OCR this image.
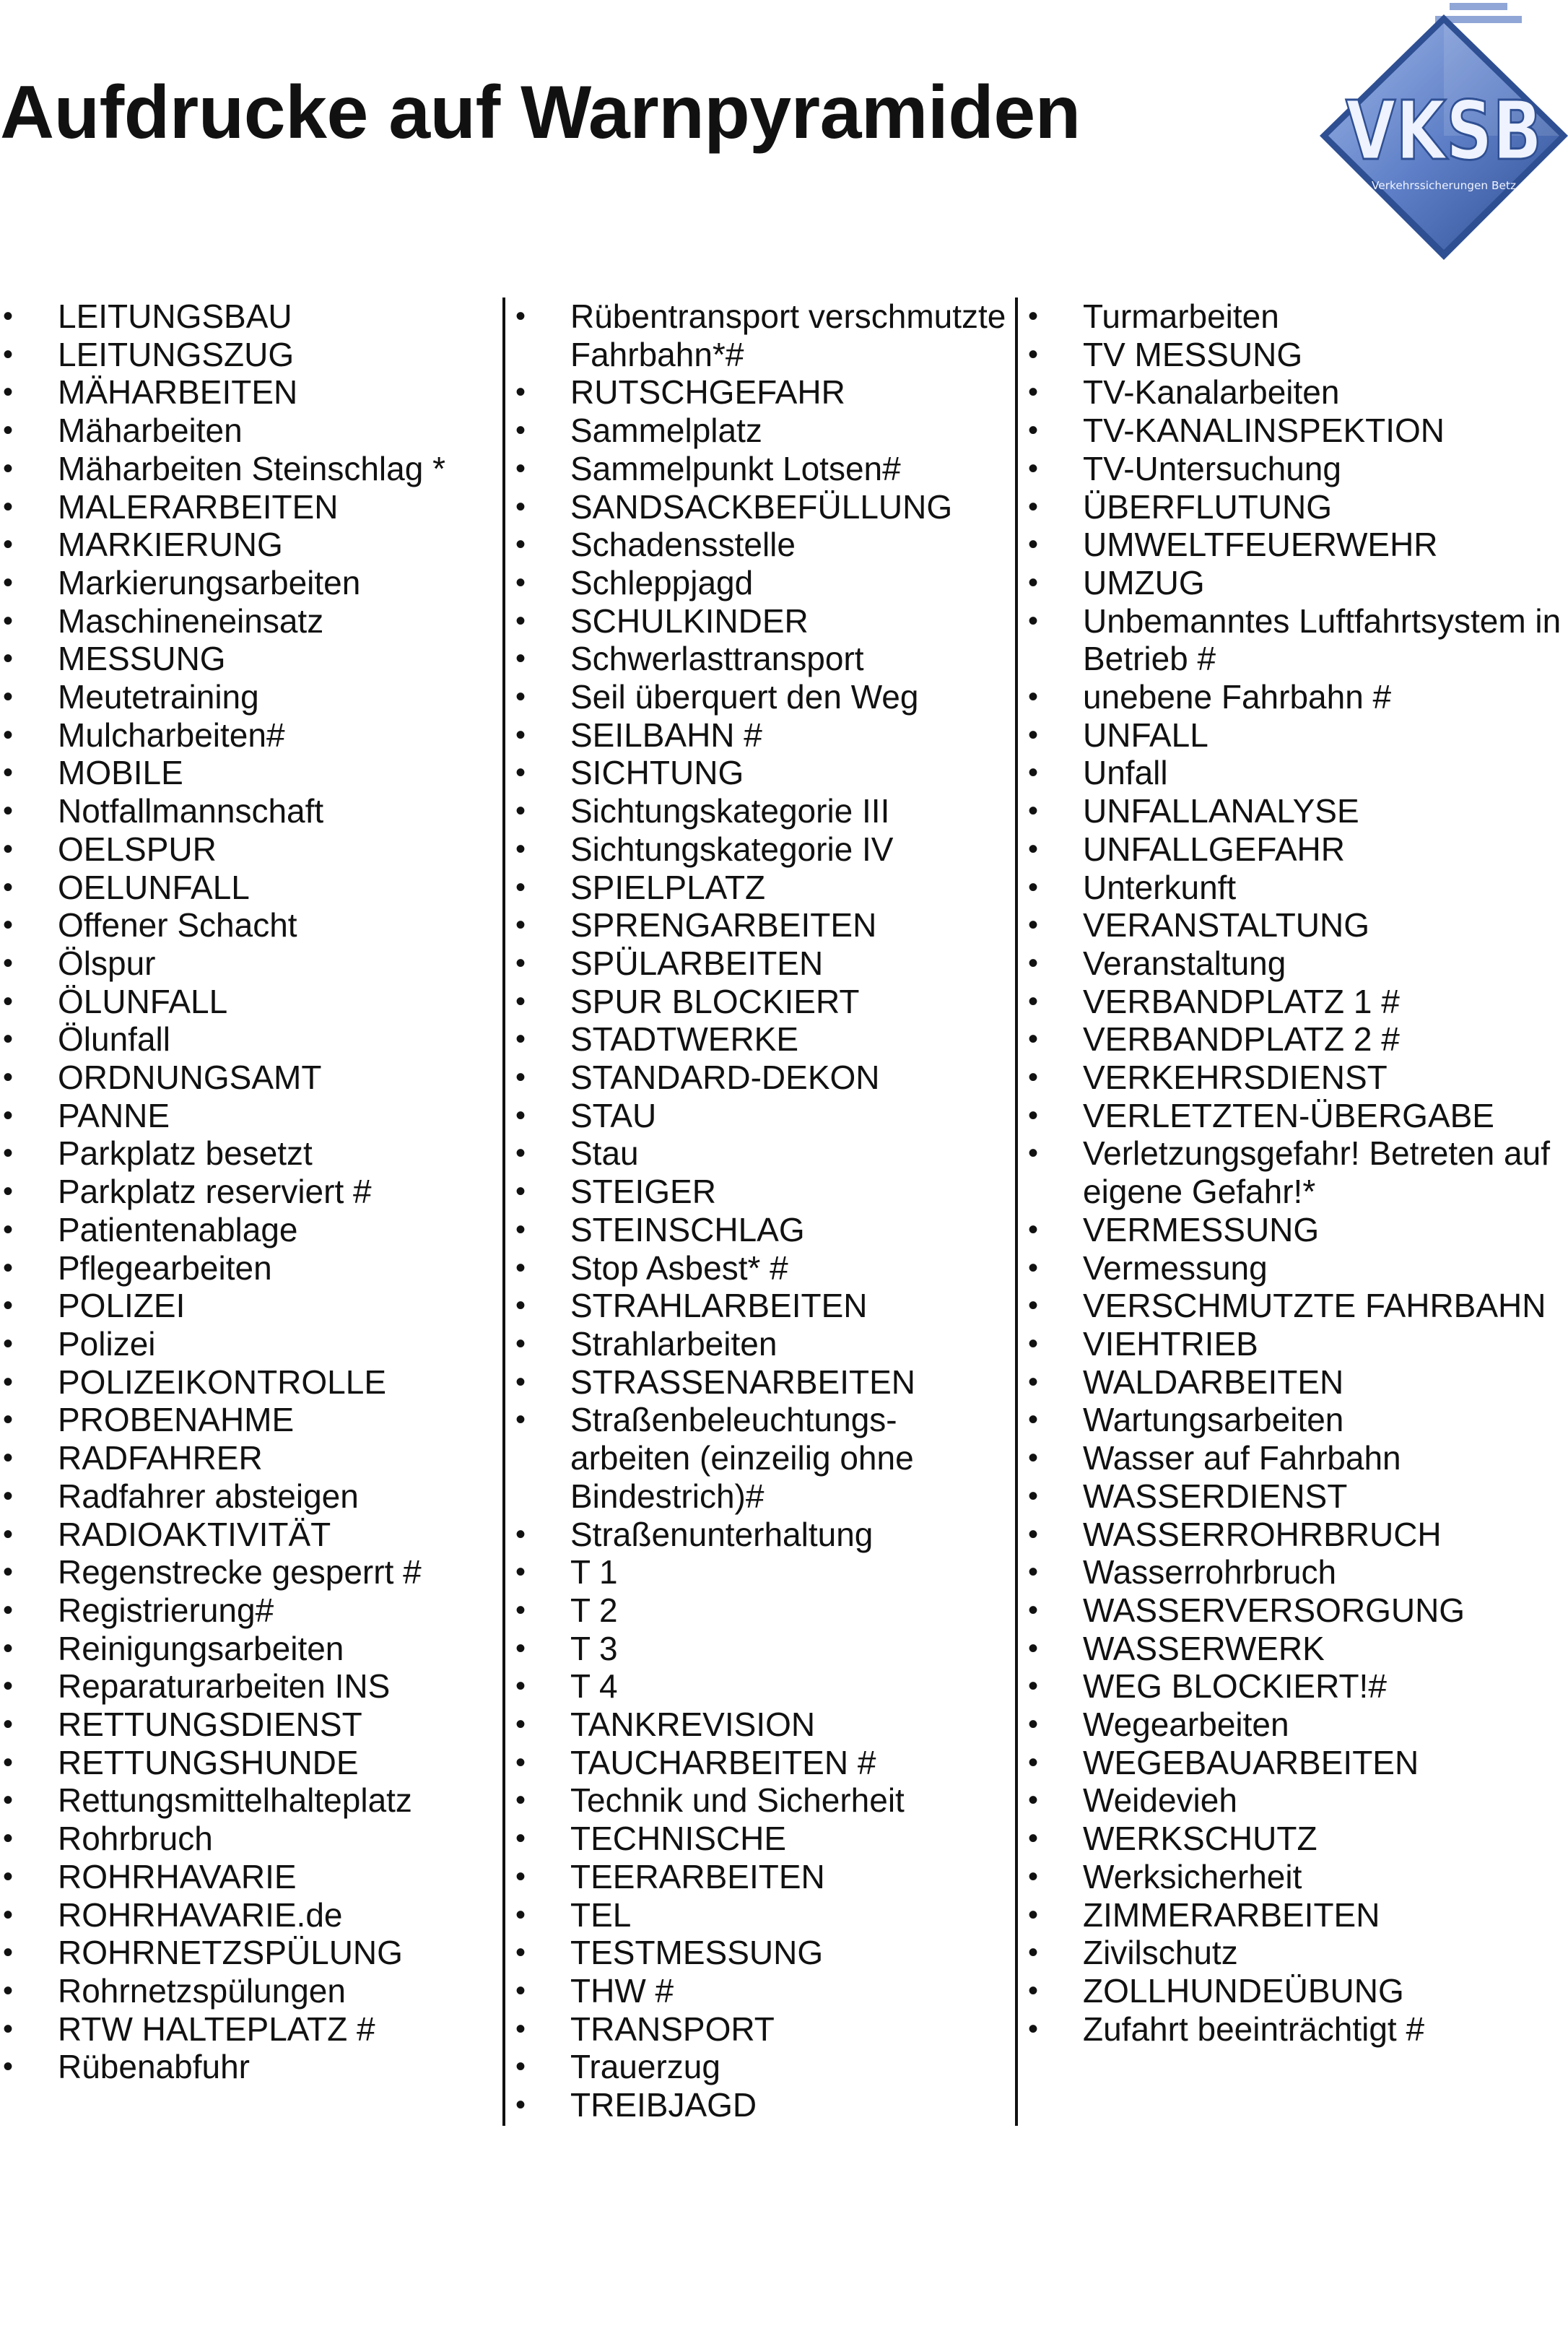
Aufdrucke auf Warnpyramiden	VKSB
Verkehrssicherungen Betz
• LEITUNGSBAU
• LEITUNGSZUG
• MÄHARBEITEN
• Mäharbeiten
• Mäharbeiten Steinschlag *
• MALERARBEITEN
• MARKIERUNG
• Markierungsarbeiten
• Maschineneinsatz
• MESSUNG
• Meutetraining
• Mulcharbeiten#
• MOBILE
• Notfallmannschaft
• OELSPUR
• OELUNFALL
• Offener Schacht
• Ölspur
• ÖLUNFALL
• Ölunfall
• ORDNUNGSAMT
• PANNE
• Parkplatz besetzt
• Parkplatz reserviert #
• Patientenablage
• Pflegearbeiten
• POLIZEI
• Polizei
• POLIZEIKONTROLLE
• PROBENAHME
• RADFAHRER
• Radfahrer absteigen
• RADIOAKTIVITÄT
• Regenstrecke gesperrt #
• Registrierung#
• Reinigungsarbeiten
• Reparaturarbeiten INS
• RETTUNGSDIENST
• RETTUNGSHUNDE
• Rettungsmittelhalteplatz
• Rohrbruch
• ROHRHAVARIE
• ROHRHAVARIE.de
• ROHRNETZSPÜLUNG
• Rohrnetzspülungen
• RTW HALTEPLATZ #
• Rübenabfuhr
• Rübentransport verschmutzte Fahrbahn*#
• RUTSCHGEFAHR
• Sammelplatz
• Sammelpunkt Lotsen#
• SANDSACKBEFÜLLUNG
• Schadensstelle
• Schleppjagd
• SCHULKINDER
• Schwerlasttransport
• Seil überquert den Weg
• SEILBAHN #
• SICHTUNG
• Sichtungskategorie III
• Sichtungskategorie IV
• SPIELPLATZ
• SPRENGARBEITEN
• SPÜLARBEITEN
• SPUR BLOCKIERT
• STADTWERKE
• STANDARD-DEKON
• STAU
• Stau
• STEIGER
• STEINSCHLAG
• Stop Asbest* #
• STRAHLARBEITEN
• Strahlarbeiten
• STRASSENARBEITEN
• Straßenbeleuchtungs- arbeiten (einzeilig ohne Bindestrich)#
• Straßenunterhaltung
• T 1
• T 2
• T 3
• T 4
• TANKREVISION
• TAUCHARBEITEN #
• Technik und Sicherheit
• TECHNISCHE
• TEERARBEITEN
• TEL
• TESTMESSUNG
• THW #
• TRANSPORT
• Trauerzug
• TREIBJAGD
• Turmarbeiten
• TV MESSUNG
• TV-Kanalarbeiten
• TV-KANALINSPEKTION
• TV-Untersuchung
• ÜBERFLUTUNG
• UMWELTFEUERWEHR
• UMZUG
• Unbemanntes Luftfahrtsystem in Betrieb #
• unebene Fahrbahn #
• UNFALL
• Unfall
• UNFALLANALYSE
• UNFALLGEFAHR
• Unterkunft
• VERANSTALTUNG
• Veranstaltung
• VERBANDPLATZ 1 #
• VERBANDPLATZ 2 #
• VERKEHRSDIENST
• VERLETZTEN-ÜBERGABE
• Verletzungsgefahr! Betreten auf eigene Gefahr!*
• VERMESSUNG
• Vermessung
• VERSCHMUTZTE FAHRBAHN
• VIEHTRIEB
• WALDARBEITEN
• Wartungsarbeiten
• Wasser auf Fahrbahn
• WASSERDIENST
• WASSERROHRBRUCH
• Wasserrohrbruch
• WASSERVERSORGUNG
• WASSERWERK
• WEG BLOCKIERT!#
• Wegearbeiten
• WEGEBAUARBEITEN
• Weidevieh
• WERKSCHUTZ
• Werksicherheit
• ZIMMERARBEITEN
• Zivilschutz
• ZOLLHUNDEÜBUNG
• Zufahrt beeinträchtigt #
